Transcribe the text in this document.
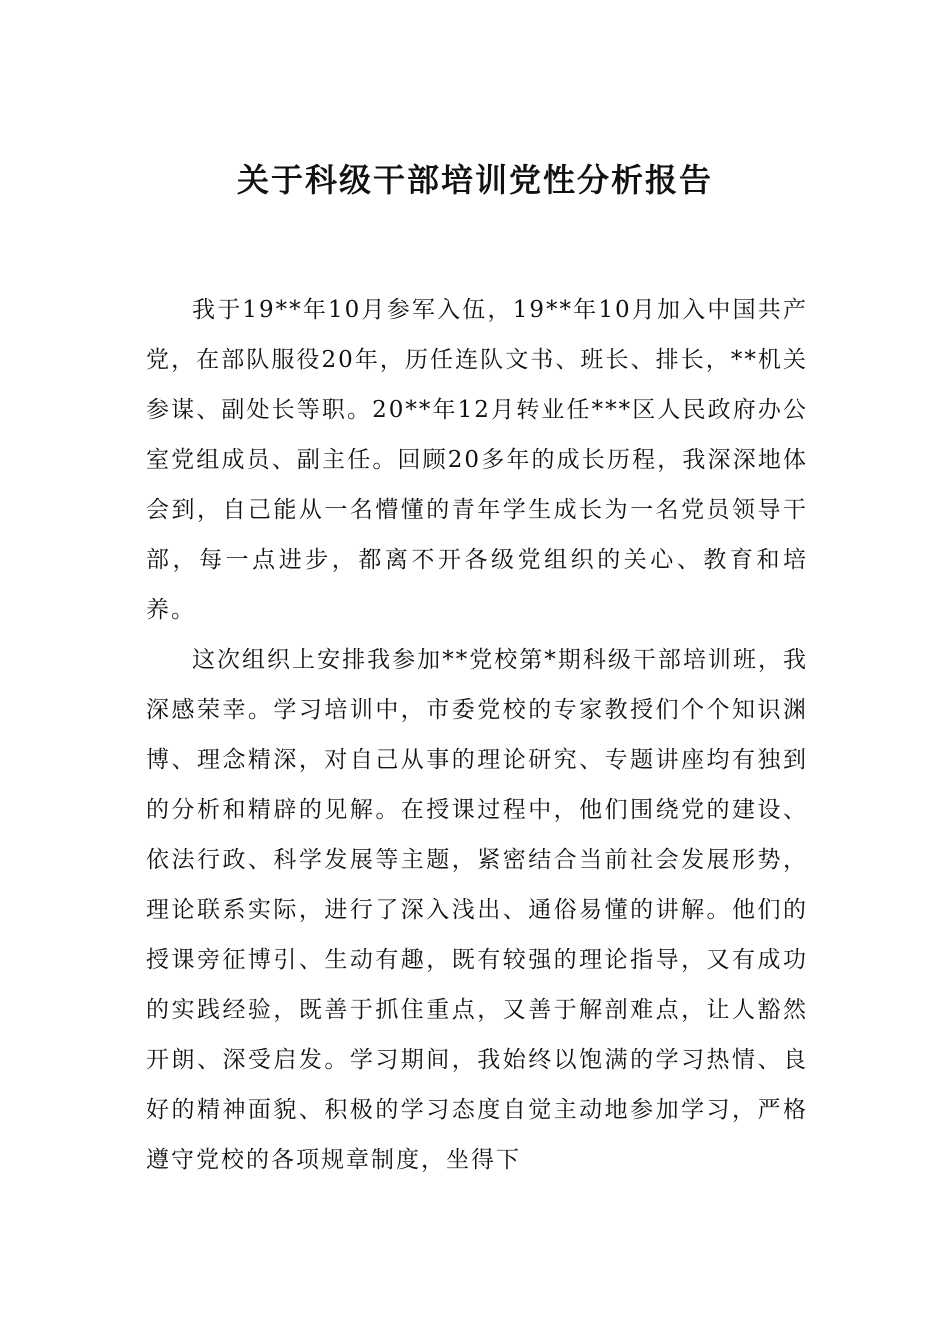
关于科级干部培训党性分析报告

我于19**年10月参军入伍，19**年10月加入中国共产党，在部队服役20年，历任连队文书、班长、排长，**机关参谋、副处长等职。20**年12月转业任***区人民政府办公室党组成员、副主任。回顾20多年的成长历程，我深深地体会到，自己能从一名懵懂的青年学生成长为一名党员领导干部，每一点进步，都离不开各级党组织的关心、教育和培养。

这次组织上安排我参加**党校第*期科级干部培训班，我深感荣幸。学习培训中，市委党校的专家教授们个个知识渊博、理念精深，对自己从事的理论研究、专题讲座均有独到的分析和精辟的见解。在授课过程中，他们围绕党的建设、依法行政、科学发展等主题，紧密结合当前社会发展形势，理论联系实际，进行了深入浅出、通俗易懂的讲解。他们的授课旁征博引、生动有趣，既有较强的理论指导，又有成功的实践经验，既善于抓住重点，又善于解剖难点，让人豁然开朗、深受启发。学习期间，我始终以饱满的学习热情、良好的精神面貌、积极的学习态度自觉主动地参加学习，严格遵守党校的各项规章制度，坐得下
